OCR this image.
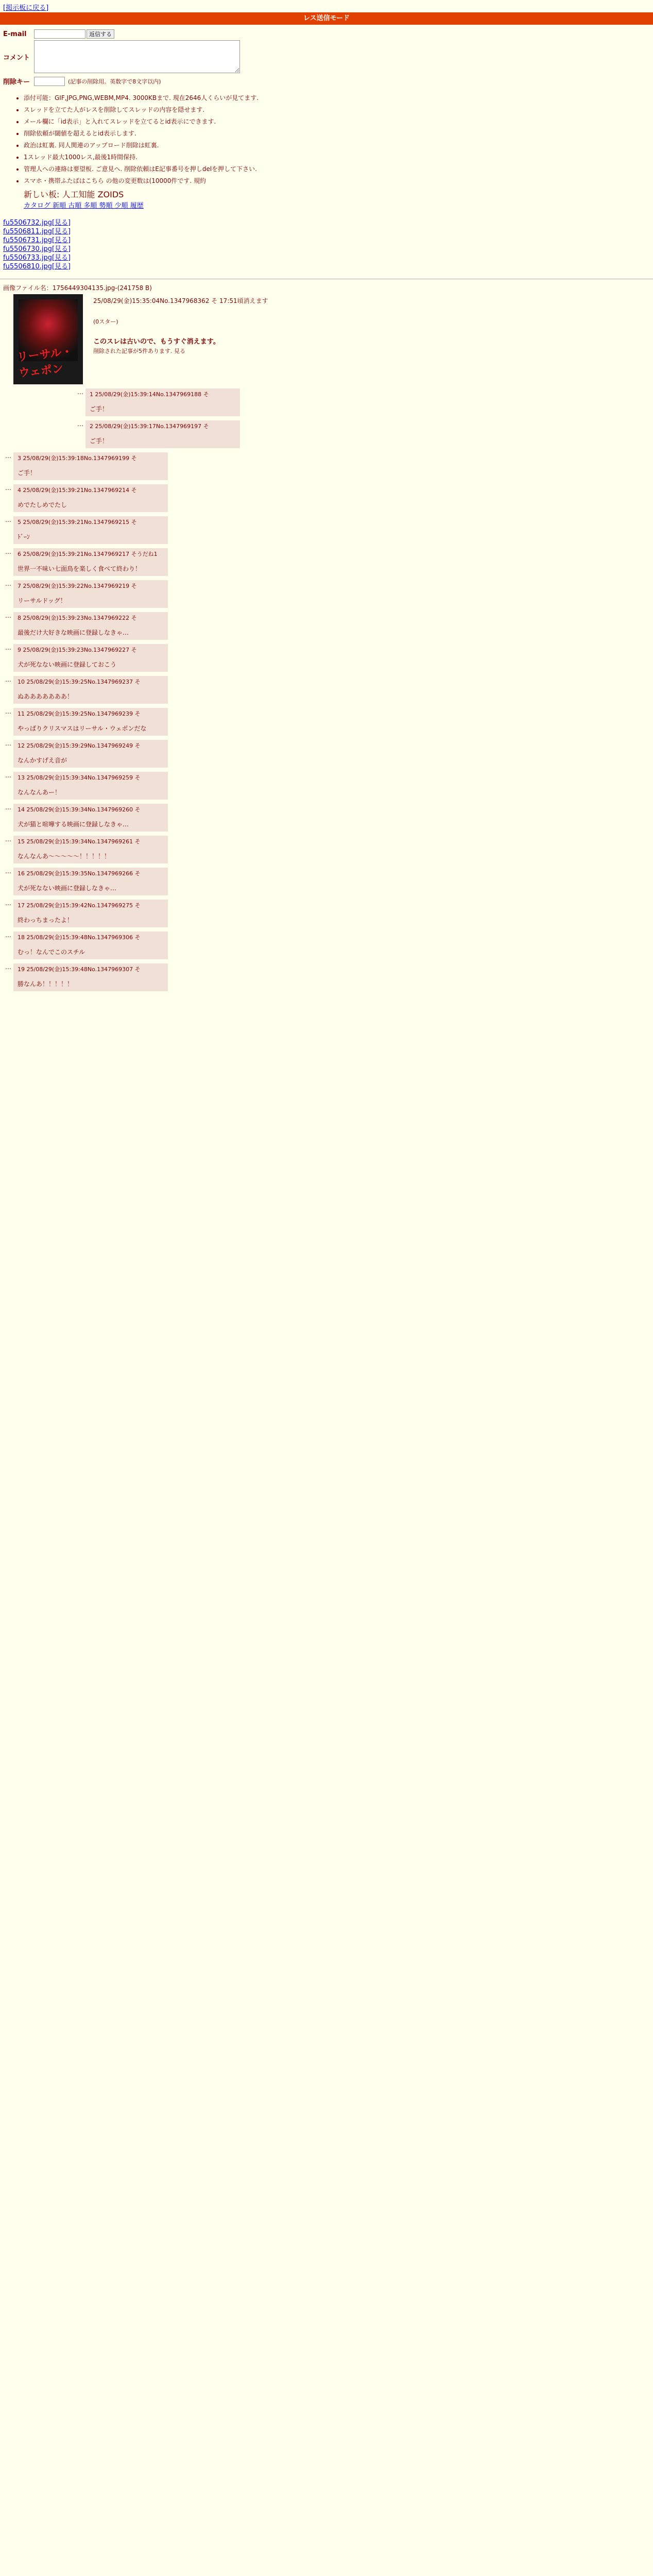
[掲示板に戻る]
レス送信モード
E-mail	返信する
コメント
削除キー	(記事の削除用。英数字で8文字以内)
• 添付可能：GIF,JPG,PNG,WEBM,MP4. 3000KBまで. 現在2646人くらいが見てます.
• スレッドを立てた人がレスを削除してスレッドの内容を隠せます.
• メール欄に「id表示」と入れてスレッドを立てるとid表示にできます.
• 削除依頼が閾値を超えるとid表示します.
• 政治は虹裏. 同人関連のアップロード削除は虹裏.
• 1スレッド最大1000レス,最後1時間保持.
• 管理人への連絡は要望板. ご意見へ. 削除依頼はE記事番号を押しdelを押して下さい.
• スマホ・携帯ふたばはこちら の他の変更数は(10000件です. 規約
新しい板: 人工知能 ZOIDS
カタログ 新順 古順 多順 勢順 少順 履歴
fu5506732.jpg[見る]
fu5506811.jpg[見る]
fu5506731.jpg[見る]
fu5506730.jpg[見る]
fu5506733.jpg[見る]
fu5506810.jpg[見る]
画像ファイル名：1756449304135.jpg-(241758 B)
リーサル・ウェポン
25/08/29(金)15:35:04No.1347968362 そ 17:51頃消えます
(0スター)
このスレは古いので、もうすぐ消えます。
削除された記事が5件あります. 見る
…	1 25/08/29(金)15:39:14No.1347969188 そ
ご手！
…	2 25/08/29(金)15:39:17No.1347969197 そ
ご手！
…	3 25/08/29(金)15:39:18No.1347969199 そ
ご手！
…	4 25/08/29(金)15:39:21No.1347969214 そ
めでたしめでたし
…	5 25/08/29(金)15:39:21No.1347969215 そ
ﾄﾞｰﾝ
…	6 25/08/29(金)15:39:21No.1347969217 そうだね1
世界一不味い七面鳥を楽しく食べて終わり！
…	7 25/08/29(金)15:39:22No.1347969219 そ
リーサルドッグ！
…	8 25/08/29(金)15:39:23No.1347969222 そ
最後だけ大好きな映画に登録しなきゃ…
…	9 25/08/29(金)15:39:23No.1347969227 そ
犬が死なない映画に登録しておこう
…	10 25/08/29(金)15:39:25No.1347969237 そ
ぬあああああああ！
…	11 25/08/29(金)15:39:25No.1347969239 そ
やっぱりクリスマスはリーサル・ウェポンだな
…	12 25/08/29(金)15:39:29No.1347969249 そ
なんかすげえ音が
…	13 25/08/29(金)15:39:34No.1347969259 そ
なんなんあー！
…	14 25/08/29(金)15:39:34No.1347969260 そ
犬が猫と喧嘩する映画に登録しなきゃ…
…	15 25/08/29(金)15:39:34No.1347969261 そ
なんなんあ〜〜〜〜〜！！！！！
…	16 25/08/29(金)15:39:35No.1347969266 そ
犬が死なない映画に登録しなきゃ…
…	17 25/08/29(金)15:39:42No.1347969275 そ
終わっちまったよ！
…	18 25/08/29(金)15:39:48No.1347969306 そ
むっ！なんでこのスチル
…	19 25/08/29(金)15:39:48No.1347969307 そ
勝なんあ！！！！！
